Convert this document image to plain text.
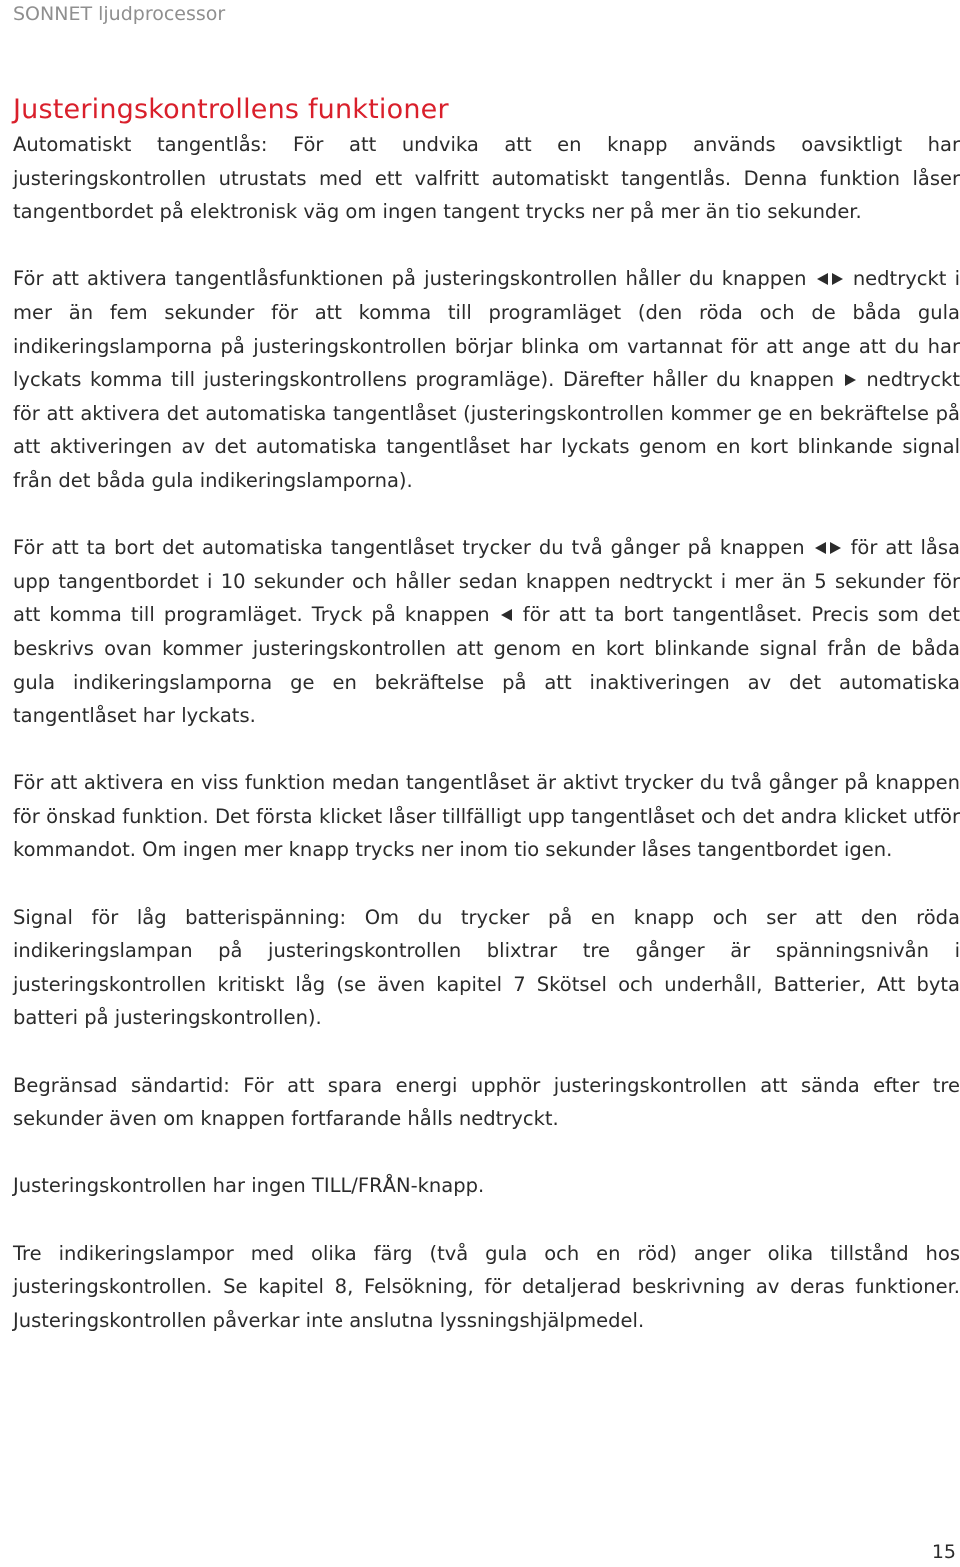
SONNET ljudprocessor
Justeringskontrollens funktioner

Automatiskt tangentlås: För att undvika att en knapp används oavsiktligt har justeringskontrollen utrustats med ett valfritt automatiskt tangentlås. Denna funktion låser tangentbordet på elektronisk väg om ingen tangent trycks ner på mer än tio sekunder.

För att aktivera tangentlåsfunktionen på justeringskontrollen håller du knappen nedtryckt i mer än fem sekunder för att komma till programläget (den röda och de båda gula indikeringslamporna på justeringskontrollen börjar blinka om vartannat för att ange att du har lyckats komma till justeringskontrollens programläge). Därefter håller du knappen nedtryckt för att aktivera det automatiska tangentlåset (justeringskontrollen kommer ge en bekräftelse på att aktiveringen av det automatiska tangentlåset har lyckats genom en kort blinkande signal från det båda gula indikeringslamporna).

För att ta bort det automatiska tangentlåset trycker du två gånger på knappen för att låsa upp tangentbordet i 10 sekunder och håller sedan knappen nedtryckt i mer än 5 sekunder för att komma till programläget. Tryck på knappen för att ta bort tangentlåset. Precis som det beskrivs ovan kommer justeringskontrollen att genom en kort blinkande signal från de båda gula indikeringslamporna ge en bekräftelse på att inaktiveringen av det automatiska tangentlåset har lyckats.

För att aktivera en viss funktion medan tangentlåset är aktivt trycker du två gånger på knappen för önskad funktion. Det första klicket låser tillfälligt upp tangentlåset och det andra klicket utför kommandot. Om ingen mer knapp trycks ner inom tio sekunder låses tangentbordet igen.

Signal för låg batterispänning: Om du trycker på en knapp och ser att den röda indikeringslampan på justeringskontrollen blixtrar tre gånger är spänningsnivån i justeringskontrollen kritiskt låg (se även kapitel 7 Skötsel och underhåll, Batterier, Att byta batteri på justeringskontrollen).

Begränsad sändartid: För att spara energi upphör justeringskontrollen att sända efter tre sekunder även om knappen fortfarande hålls nedtryckt.

Justeringskontrollen har ingen TILL/FRÅN-knapp.

Tre indikeringslampor med olika färg (två gula och en röd) anger olika tillstånd hos justeringskontrollen. Se kapitel 8, Felsökning, för detaljerad beskrivning av deras funktioner. Justeringskontrollen påverkar inte anslutna lyssningshjälpmedel.

15
